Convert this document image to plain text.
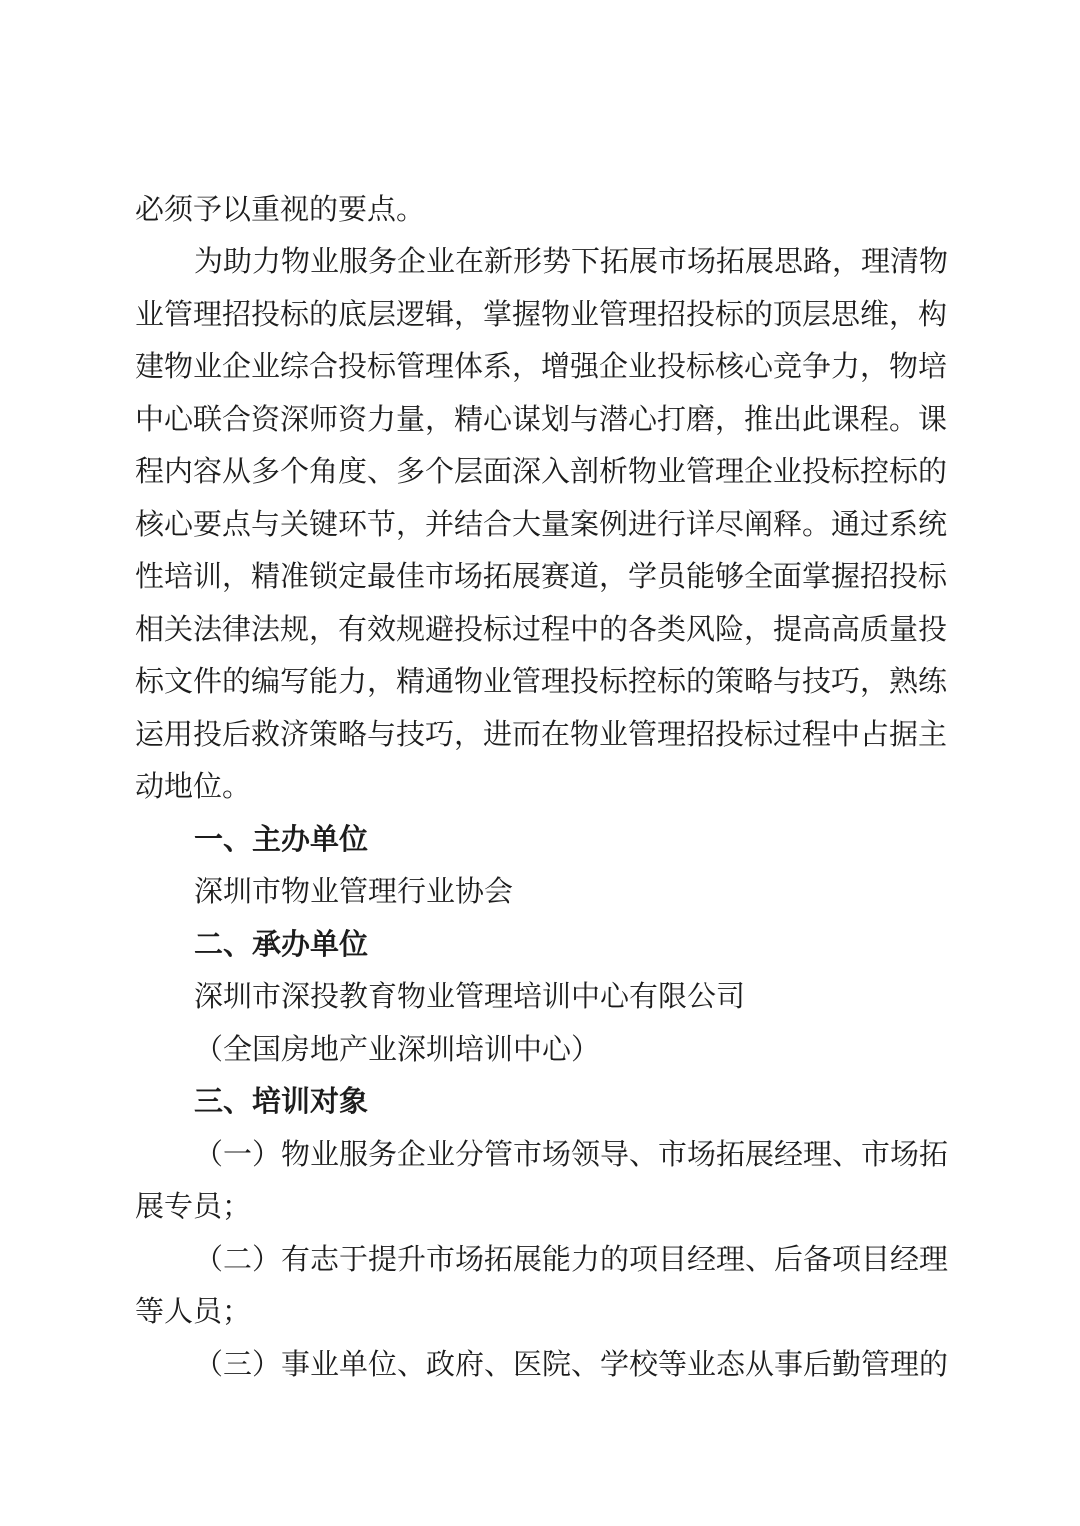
必须予以重视的要点。
为助力物业服务企业在新形势下拓展市场拓展思路，理清物
业管理招投标的底层逻辑，掌握物业管理招投标的顶层思维，构
建物业企业综合投标管理体系，增强企业投标核心竞争力，物培
中心联合资深师资力量，精心谋划与潜心打磨，推出此课程。课
程内容从多个角度、多个层面深入剖析物业管理企业投标控标的
核心要点与关键环节，并结合大量案例进行详尽阐释。通过系统
性培训，精准锁定最佳市场拓展赛道，学员能够全面掌握招投标
相关法律法规，有效规避投标过程中的各类风险，提高高质量投
标文件的编写能力，精通物业管理投标控标的策略与技巧，熟练
运用投后救济策略与技巧，进而在物业管理招投标过程中占据主
动地位。
一、主办单位
深圳市物业管理行业协会
二、承办单位
深圳市深投教育物业管理培训中心有限公司
（全国房地产业深圳培训中心）
三、培训对象
（一）物业服务企业分管市场领导、市场拓展经理、市场拓
展专员；
（二）有志于提升市场拓展能力的项目经理、后备项目经理
等人员；
（三）事业单位、政府、医院、学校等业态从事后勤管理的
